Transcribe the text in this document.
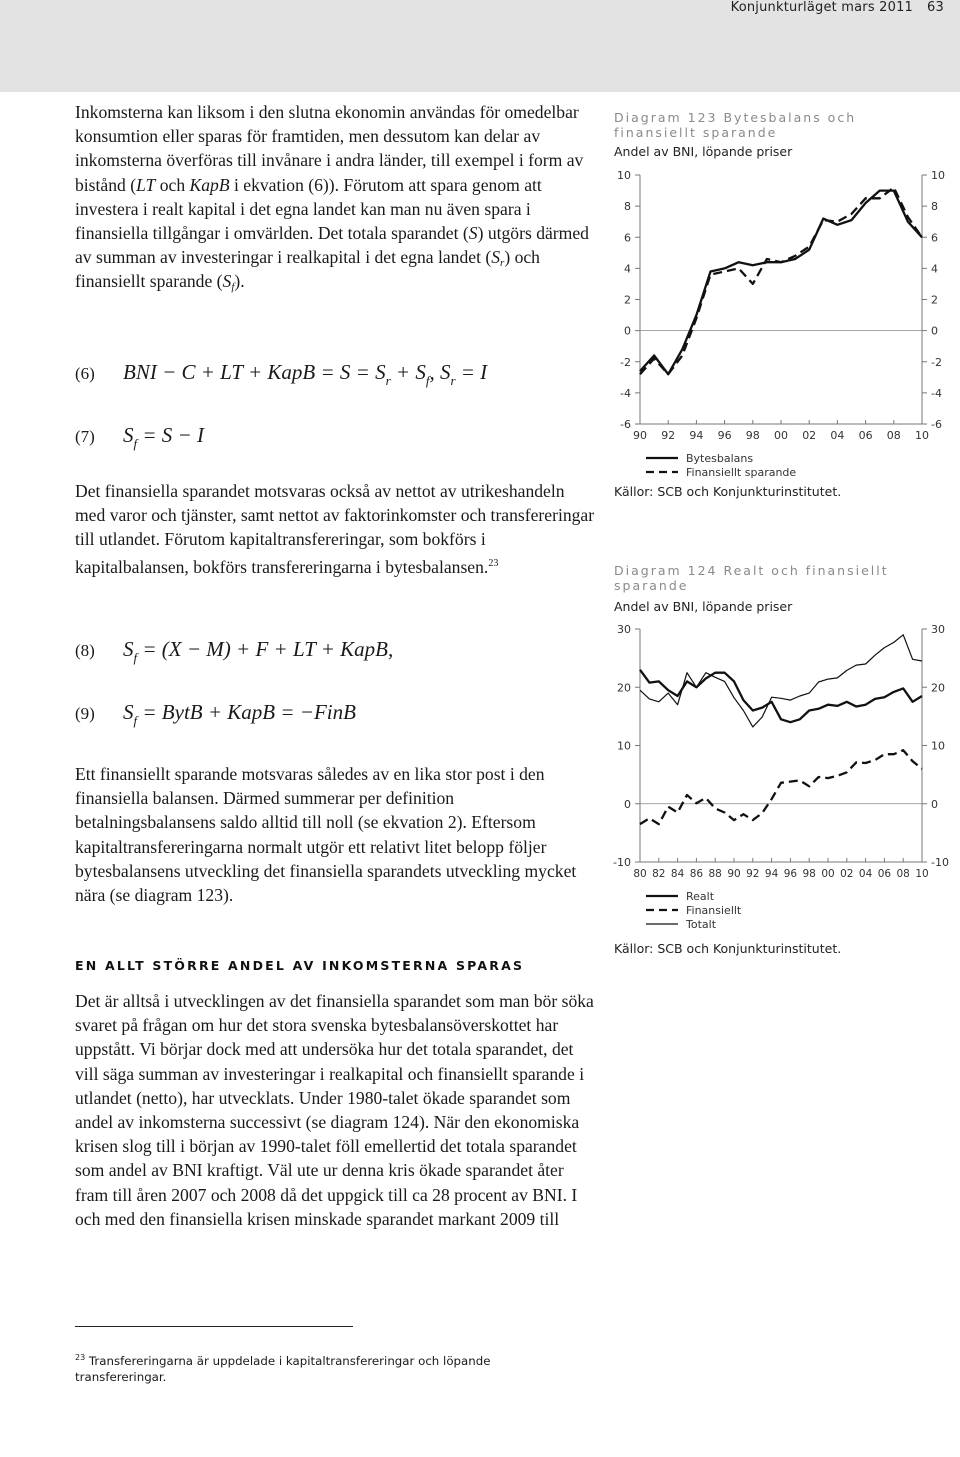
Konjunkturläget mars 2011 63

Inkomsterna kan liksom i den slutna ekonomin användas för omedelbar konsumtion eller sparas för framtiden, men dessutom kan delar av inkomsterna överföras till invånare i andra länder, till exempel i form av bistånd (LT och KapB i ekvation (6)). Förutom att spara genom att investera i realt kapital i det egna landet kan man nu även spara i finansiella tillgångar i omvärlden. Det totala sparandet (S) utgörs därmed av summan av investeringar i realkapital i det egna landet $(S_r)$ och finansiellt sparande $(S_f)$.

(6) BNI − C + LT + KapB = $S = S_r + S_f$, $S_r = I$
(7) $S_f = S - I$

Det finansiella sparandet motsvaras också av nettot av utrikeshandeln med varor och tjänster, samt nettot av faktorinkomster och transfereringar till utlandet. Förutom kapitaltransfereringar, som bokförs i kapitalbalansen, bokförs transfereringarna i bytesbalansen.$^{23}$

(8) $S_f = (X - M) + F$ + LT + KapB,
(9) $S_f$ = BytB + KapB = −FinB

Ett finansiellt sparande motsvaras således av en lika stor post i den finansiella balansen. Därmed summerar per definition betalningsbalansens saldo alltid till noll (se ekvation 2). Eftersom kapitaltransfereringarna normalt utgör ett relativt litet belopp följer bytesbalansens utveckling det finansiella sparandets utveckling mycket nära (se diagram 123).

EN ALLT STÖRRE ANDEL AV INKOMSTERNA SPARAS

Det är alltså i utvecklingen av det finansiella sparandet som man bör söka svaret på frågan om hur det stora svenska bytesbalansöverskottet har uppstått. Vi börjar dock med att undersöka hur det totala sparandet, det vill säga summan av investeringar i realkapital och finansiellt sparande i utlandet (netto), har utvecklats. Under 1980-talet ökade sparandet som andel av inkomsterna successivt (se diagram 124). När den ekonomiska krisen slog till i början av 1990-talet föll emellertid det totala sparandet som andel av BNI kraftigt. Väl ute ur denna kris ökade sparandet åter fram till åren 2007 och 2008 då det uppgick till ca 28 procent av BNI. I och med den finansiella krisen minskade sparandet markant 2009 till

$^{23}$ Transfereringarna är uppdelade i kapitaltransfereringar och löpande transfereringar.

Diagram 123 Bytesbalans och finansiellt sparande

Andel av BNI, löpande priser

-6	-6
-4	-4
-2	-2
0	0
2	2
4	4
6	6
8	8
10	10
90 92 94 96 98 00 02 04 06 08 10
Bytesbalans
Finansiellt sparande

Källor: SCB och Konjunkturinstitutet.

Diagram 124 Realt och finansiellt sparande

Andel av BNI, löpande priser

-10	-10
0	0
10	10
20	20
30	30
80 82 84 86 88 90 92 94 96 98 00 02 04 06 08 10
Realt
Finansiellt
Totalt

Källor: SCB och Konjunkturinstitutet.
